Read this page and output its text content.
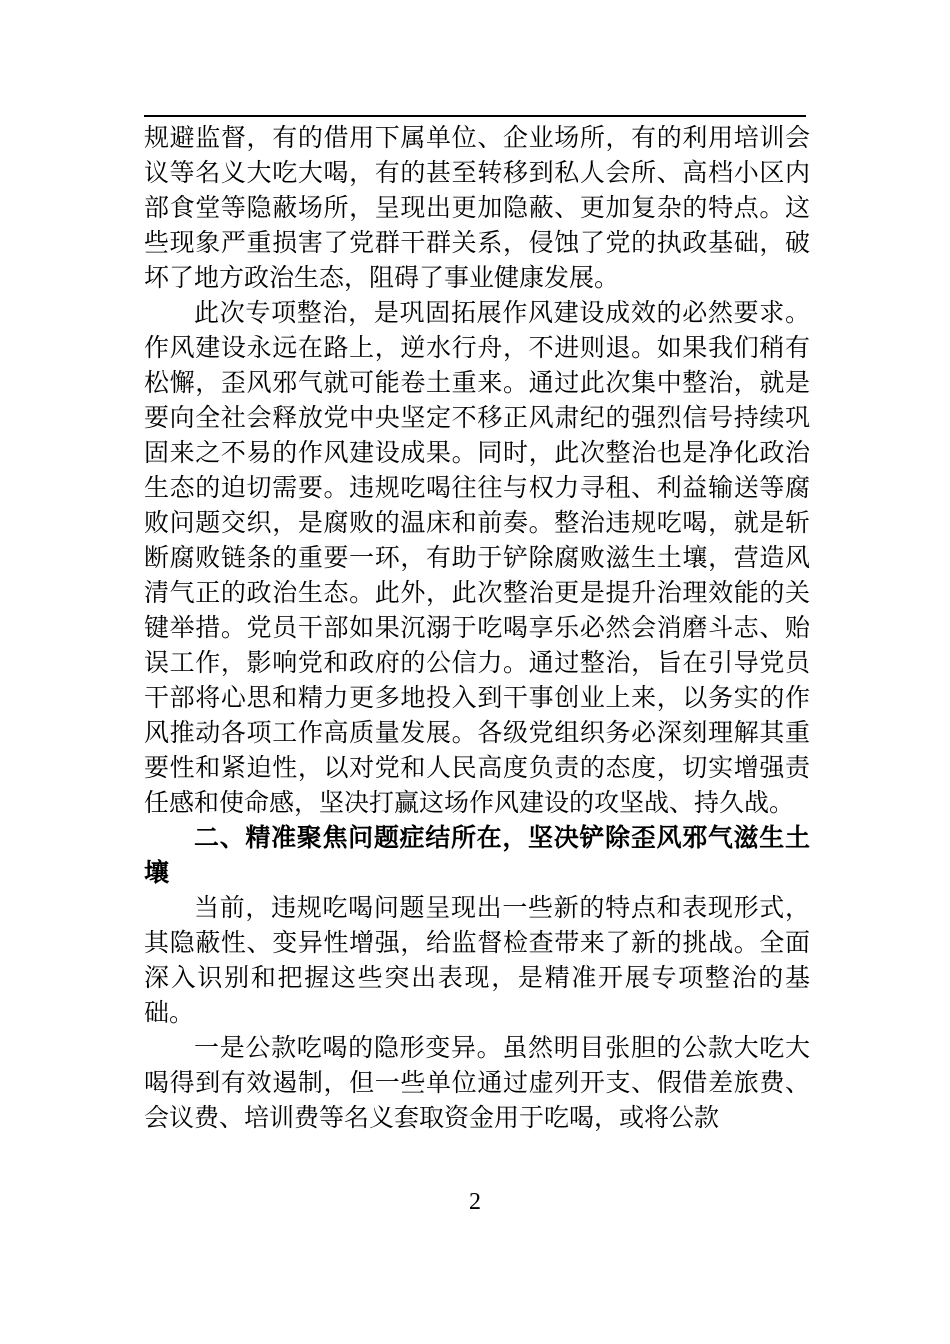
规避监督，有的借用下属单位、企业场所，有的利用培训会议等名义大吃大喝，有的甚至转移到私人会所、高档小区内部食堂等隐蔽场所，呈现出更加隐蔽、更加复杂的特点。这些现象严重损害了党群干群关系，侵蚀了党的执政基础，破坏了地方政治生态，阻碍了事业健康发展。

此次专项整治，是巩固拓展作风建设成效的必然要求。作风建设永远在路上，逆水行舟，不进则退。如果我们稍有松懈，歪风邪气就可能卷土重来。通过此次集中整治，就是要向全社会释放党中央坚定不移正风肃纪的强烈信号持续巩固来之不易的作风建设成果。同时，此次整治也是净化政治生态的迫切需要。违规吃喝往往与权力寻租、利益输送等腐败问题交织，是腐败的温床和前奏。整治违规吃喝，就是斩断腐败链条的重要一环，有助于铲除腐败滋生土壤，营造风清气正的政治生态。此外，此次整治更是提升治理效能的关键举措。党员干部如果沉溺于吃喝享乐必然会消磨斗志、贻误工作，影响党和政府的公信力。通过整治，旨在引导党员干部将心思和精力更多地投入到干事创业上来，以务实的作风推动各项工作高质量发展。各级党组织务必深刻理解其重要性和紧迫性，以对党和人民高度负责的态度，切实增强责任感和使命感，坚决打赢这场作风建设的攻坚战、持久战。

二、精准聚焦问题症结所在，坚决铲除歪风邪气滋生土壤

当前，违规吃喝问题呈现出一些新的特点和表现形式，其隐蔽性、变异性增强，给监督检查带来了新的挑战。全面深入识别和把握这些突出表现，是精准开展专项整治的基础。

一是公款吃喝的隐形变异。虽然明目张胆的公款大吃大喝得到有效遏制，但一些单位通过虚列开支、假借差旅费、会议费、培训费等名义套取资金用于吃喝，或将公款

2
